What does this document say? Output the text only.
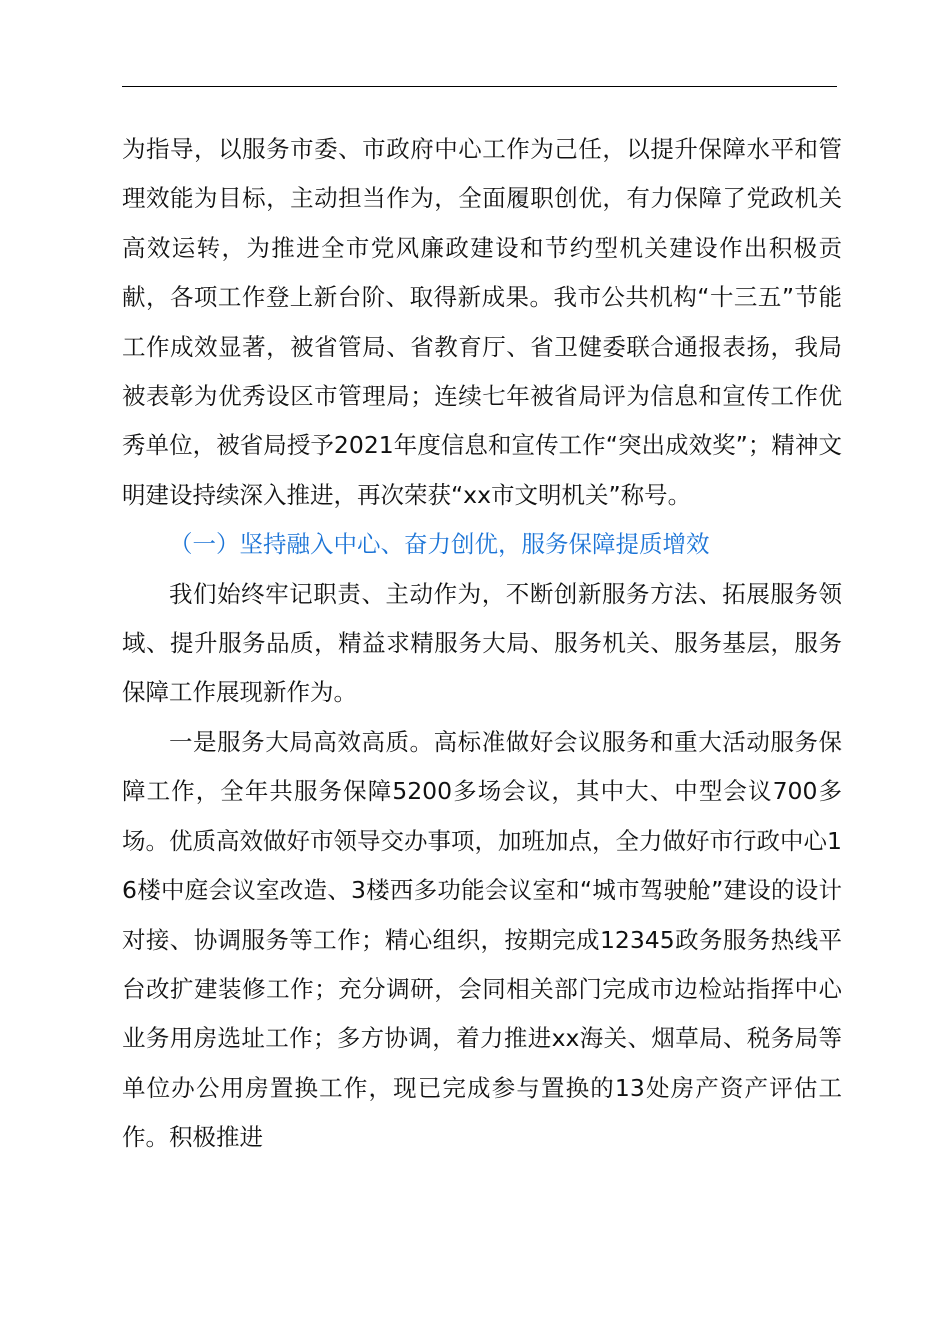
为指导，以服务市委、市政府中心工作为己任，以提升保障水平和管理效能为目标，主动担当作为，全面履职创优，有力保障了党政机关高效运转，为推进全市党风廉政建设和节约型机关建设作出积极贡献，各项工作登上新台阶、取得新成果。我市公共机构“十三五”节能工作成效显著，被省管局、省教育厅、省卫健委联合通报表扬，我局被表彰为优秀设区市管理局；连续七年被省局评为信息和宣传工作优秀单位，被省局授予2021年度信息和宣传工作“突出成效奖”；精神文明建设持续深入推进，再次荣获“xx市文明机关”称号。

（一）坚持融入中心、奋力创优，服务保障提质增效

我们始终牢记职责、主动作为，不断创新服务方法、拓展服务领域、提升服务品质，精益求精服务大局、服务机关、服务基层，服务保障工作展现新作为。

一是服务大局高效高质。高标准做好会议服务和重大活动服务保障工作，全年共服务保障5200多场会议，其中大、中型会议700多场。优质高效做好市领导交办事项，加班加点，全力做好市行政中心16楼中庭会议室改造、3楼西多功能会议室和“城市驾驶舱”建设的设计对接、协调服务等工作；精心组织，按期完成12345政务服务热线平台改扩建装修工作；充分调研，会同相关部门完成市边检站指挥中心业务用房选址工作；多方协调，着力推进xx海关、烟草局、税务局等单位办公用房置换工作，现已完成参与置换的13处房产资产评估工作。积极推进
